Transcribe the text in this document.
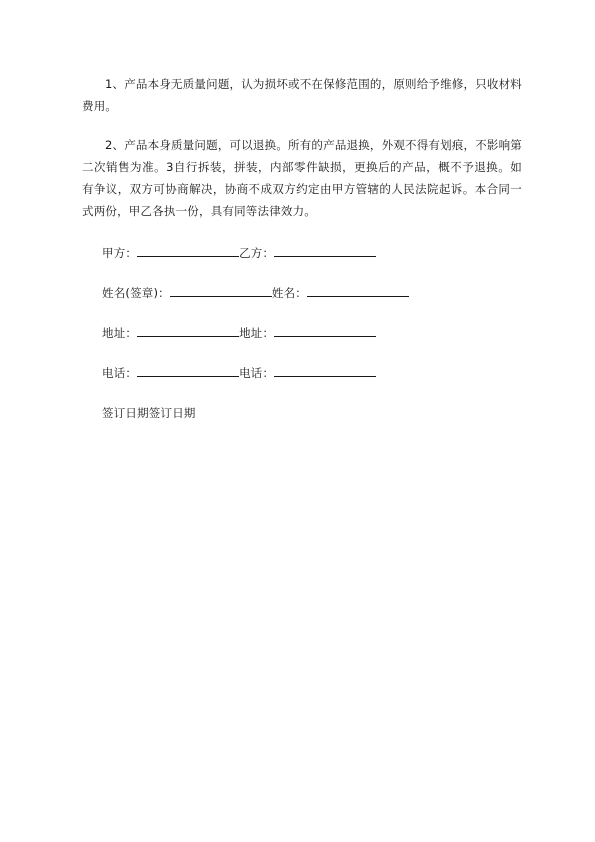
1、产品本身无质量问题，认为损坏或不在保修范围的，原则给予维修，只收材料费用。

2、产品本身质量问题，可以退换。所有的产品退换，外观不得有划痕，不影响第二次销售为准。3自行拆装，拼装，内部零件缺损，更换后的产品，概不予退换。如有争议，双方可协商解决，协商不成双方约定由甲方管辖的人民法院起诉。本合同一式两份，甲乙各执一份，具有同等法律效力。

甲方：	乙方：
姓名(签章)：	姓名：
地址：	地址：
电话：	电话：
签订日期签订日期
